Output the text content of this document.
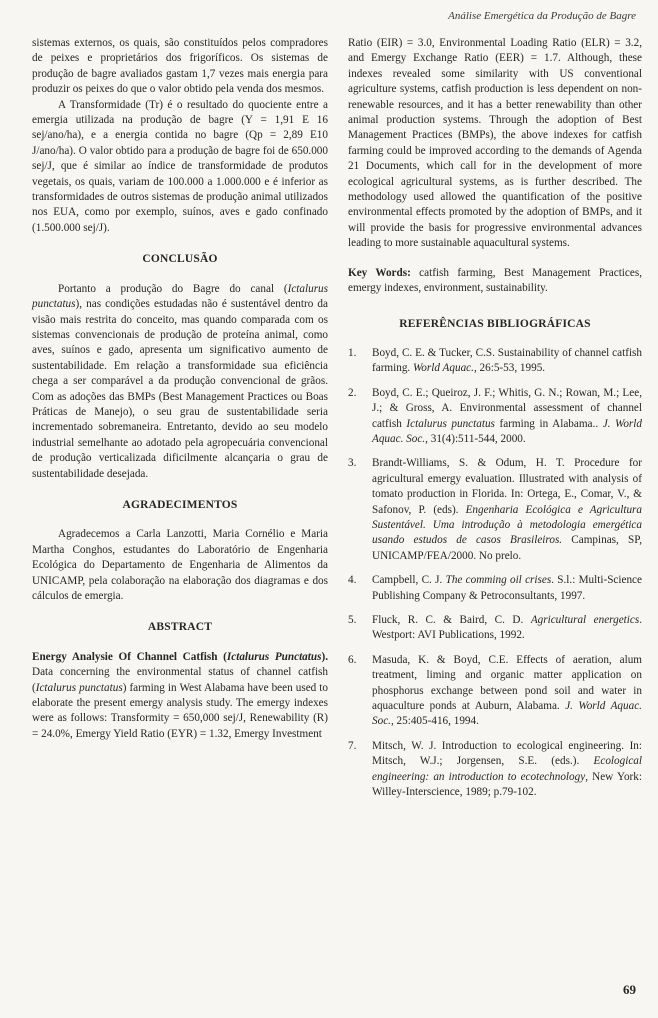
Análise Emergética da Produção de Bagre

sistemas externos, os quais, são constituídos pelos compradores de peixes e proprietários dos frigoríficos. Os sistemas de produção de bagre avaliados gastam 1,7 vezes mais energia para produzir os peixes do que o valor obtido pela venda dos mesmos.

A Transformidade (Tr) é o resultado do quociente entre a emergia utilizada na produção de bagre (Y = 1,91 E 16 sej/ano/ha), e a energia contida no bagre (Qp = 2,89 E10 J/ano/ha). O valor obtido para a produção de bagre foi de 650.000 sej/J, que é similar ao índice de transformidade de produtos vegetais, os quais, variam de 100.000 a 1.000.000 e é inferior as transformidades de outros sistemas de produção animal utilizados nos EUA, como por exemplo, suínos, aves e gado confinado (1.500.000 sej/J).

CONCLUSÃO

Portanto a produção do Bagre do canal (Ictalurus punctatus), nas condições estudadas não é sustentável dentro da visão mais restrita do conceito, mas quando comparada com os sistemas convencionais de produção de proteína animal, como aves, suínos e gado, apresenta um significativo aumento de sustentabilidade. Em relação a transformidade sua eficiência chega a ser comparável a da produção convencional de grãos. Com as adoções das BMPs (Best Management Practices ou Boas Práticas de Manejo), o seu grau de sustentabilidade seria incrementado sobremaneira. Entretanto, devido ao seu modelo industrial semelhante ao adotado pela agropecuária convencional de produção verticalizada dificilmente alcançaria o grau de sustentabilidade desejada.

AGRADECIMENTOS

Agradecemos a Carla Lanzotti, Maria Cornélio e Maria Martha Conghos, estudantes do Laboratório de Engenharia Ecológica do Departamento de Engenharia de Alimentos da UNICAMP, pela colaboração na elaboração dos diagramas e dos cálculos de emergia.

ABSTRACT

Energy Analysie Of Channel Catfish (Ictalurus Punctatus). Data concerning the environmental status of channel catfish (Ictalurus punctatus) farming in West Alabama have been used to elaborate the present emergy analysis study. The emergy indexes were as follows: Transformity = 650,000 sej/J, Renewability (R) = 24.0%, Emergy Yield Ratio (EYR) = 1.32, Emergy Investment

Ratio (EIR) = 3.0, Environmental Loading Ratio (ELR) = 3.2, and Emergy Exchange Ratio (EER) = 1.7. Although, these indexes revealed some similarity with US conventional agriculture systems, catfish production is less dependent on non-renewable resources, and it has a better renewability than other animal production systems. Through the adoption of Best Management Practices (BMPs), the above indexes for catfish farming could be improved according to the demands of Agenda 21 Documents, which call for in the development of more ecological agricultural systems, as is further described. The methodology used allowed the quantification of the positive environmental effects promoted by the adoption of BMPs, and it will provide the basis for progressive environmental advances leading to more sustainable aquacultural systems.

Key Words: catfish farming, Best Management Practices, emergy indexes, environment, sustainability.

REFERÊNCIAS BIBLIOGRÁFICAS
1.	Boyd, C. E. & Tucker, C.S. Sustainability of channel catfish farming. World Aquac., 26:5-53, 1995.
2.	Boyd, C. E.; Queiroz, J. F.; Whitis, G. N.; Rowan, M.; Lee, J.; & Gross, A. Environmental assessment of channel catfish Ictalurus punctatus farming in Alabama.. J. World Aquac. Soc., 31(4):511-544, 2000.
3.	Brandt-Williams, S. & Odum, H. T. Procedure for agricultural emergy evaluation. Illustrated with analysis of tomato production in Florida. In: Ortega, E., Comar, V., & Safonov, P. (eds). Engenharia Ecológica e Agricultura Sustentável. Uma introdução à metodologia emergética usando estudos de casos Brasileiros. Campinas, SP, UNICAMP/FEA/2000. No prelo.
4.	Campbell, C. J. The comming oil crises. S.l.: Multi-Science Publishing Company & Petroconsultants, 1997.
5.	Fluck, R. C. & Baird, C. D. Agricultural energetics. Westport: AVI Publications, 1992.
6.	Masuda, K. & Boyd, C.E. Effects of aeration, alum treatment, liming and organic matter application on phosphorus exchange between pond soil and water in aquaculture ponds at Auburn, Alabama. J. World Aquac. Soc., 25:405-416, 1994.
7.	Mitsch, W. J. Introduction to ecological engineering. In: Mitsch, W.J.; Jorgensen, S.E. (eds.). Ecological engineering: an introduction to ecotechnology, New York: Willey-Interscience, 1989; p.79-102.
69
